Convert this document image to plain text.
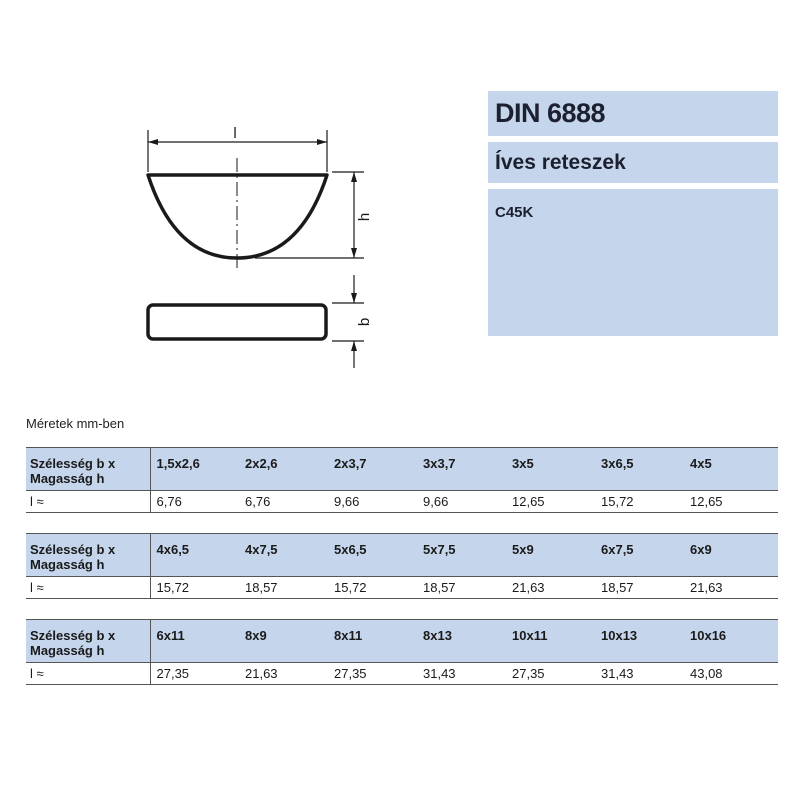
l
h
b
DIN 6888
Íves reteszek
C45K
Méretek mm-ben
Szélesség b x
Magasság h	1,5x2,6	2x2,6	2x3,7	3x3,7	3x5	3x6,5	4x5
l ≈	6,76	6,76	9,66	9,66	12,65	15,72	12,65
Szélesség b x
Magasság h	4x6,5	4x7,5	5x6,5	5x7,5	5x9	6x7,5	6x9
l ≈	15,72	18,57	15,72	18,57	21,63	18,57	21,63
Szélesség b x
Magasság h	6x11	8x9	8x11	8x13	10x11	10x13	10x16
l ≈	27,35	21,63	27,35	31,43	27,35	31,43	43,08
